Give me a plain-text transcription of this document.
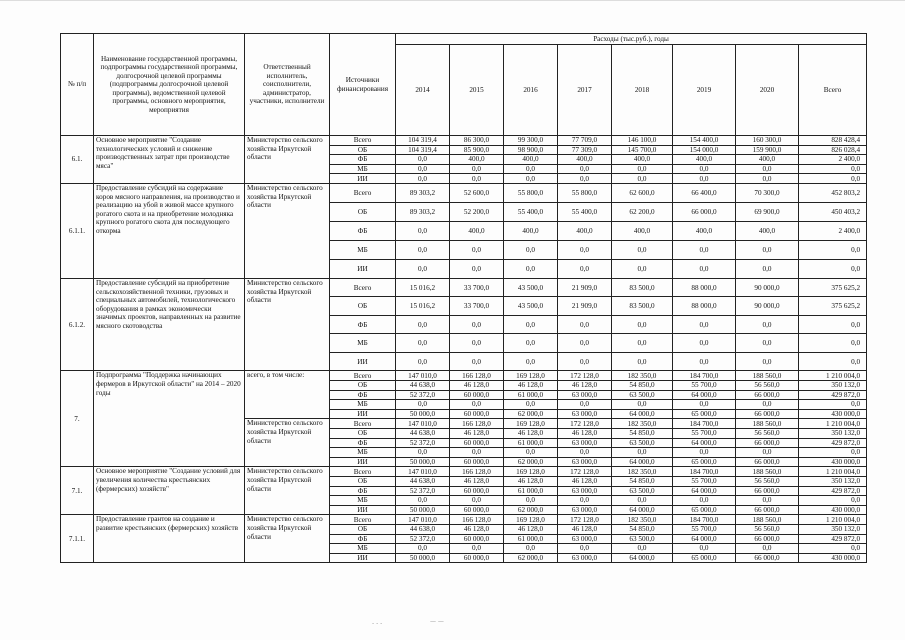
№ п/п	Наименование государственной программы, подпрограммы государственной программы, долгосрочной целевой программы (подпрограммы долгосрочной целевой программы), ведомственной целевой программы, основного мероприятия, мероприятия	Ответственный исполнитель, соисполнители, администратор, участники, исполнители	Источники финансирования	Расходы (тыс.руб.), годы							
				2014	2015	2016	2017	2018	2019	2020	Всего
6.1.	Основное мероприятие "Создание технологических условий и снижение производственных затрат при производстве мяса"	Министерство сельского хозяйства Иркутской области	Всего	104 319,4	86 300,0	99 300,0	77 709,0	146 100,0	154 400,0	160 300,0	828 428,4
			ОБ	104 319,4	85 900,0	98 900,0	77 309,0	145 700,0	154 000,0	159 900,0	826 028,4
			ФБ	0,0	400,0	400,0	400,0	400,0	400,0	400,0	2 400,0
			МБ	0,0	0,0	0,0	0,0	0,0	0,0	0,0	0,0
			ИИ	0,0	0,0	0,0	0,0	0,0	0,0	0,0	0,0
6.1.1.	Предоставление субсидий на содержание коров мясного направления, на производство и реализацию на убой в живой массе крупного рогатого скота и на приобретение молодняка крупного рогатого скота для последующего откорма	Министерство сельского хозяйства Иркутской области	Всего	89 303,2	52 600,0	55 800,0	55 800,0	62 600,0	66 400,0	70 300,0	452 803,2
			ОБ	89 303,2	52 200,0	55 400,0	55 400,0	62 200,0	66 000,0	69 900,0	450 403,2
			ФБ	0,0	400,0	400,0	400,0	400,0	400,0	400,0	2 400,0
			МБ	0,0	0,0	0,0	0,0	0,0	0,0	0,0	0,0
			ИИ	0,0	0,0	0,0	0,0	0,0	0,0	0,0	0,0
6.1.2.	Предоставление субсидий на приобретение сельскохозяйственной техники, грузовых и специальных автомобилей, технологического оборудования в рамках экономически значимых проектов, направленных на развитие мясного скотоводства	Министерство сельского хозяйства Иркутской области	Всего	15 016,2	33 700,0	43 500,0	21 909,0	83 500,0	88 000,0	90 000,0	375 625,2
			ОБ	15 016,2	33 700,0	43 500,0	21 909,0	83 500,0	88 000,0	90 000,0	375 625,2
			ФБ	0,0	0,0	0,0	0,0	0,0	0,0	0,0	0,0
			МБ	0,0	0,0	0,0	0,0	0,0	0,0	0,0	0,0
			ИИ	0,0	0,0	0,0	0,0	0,0	0,0	0,0	0,0
7.	Подпрограмма "Поддержка начинающих фермеров в Иркутской области" на 2014 – 2020 годы	всего, в том числе:	Всего	147 010,0	166 128,0	169 128,0	172 128,0	182 350,0	184 700,0	188 560,0	1 210 004,0
			ОБ	44 638,0	46 128,0	46 128,0	46 128,0	54 850,0	55 700,0	56 560,0	350 132,0
			ФБ	52 372,0	60 000,0	61 000,0	63 000,0	63 500,0	64 000,0	66 000,0	429 872,0
			МБ	0,0	0,0	0,0	0,0	0,0	0,0	0,0	0,0
			ИИ	50 000,0	60 000,0	62 000,0	63 000,0	64 000,0	65 000,0	66 000,0	430 000,0
		Министерство сельского хозяйства Иркутской области	Всего	147 010,0	166 128,0	169 128,0	172 128,0	182 350,0	184 700,0	188 560,0	1 210 004,0
			ОБ	44 638,0	46 128,0	46 128,0	46 128,0	54 850,0	55 700,0	56 560,0	350 132,0
			ФБ	52 372,0	60 000,0	61 000,0	63 000,0	63 500,0	64 000,0	66 000,0	429 872,0
			МБ	0,0	0,0	0,0	0,0	0,0	0,0	0,0	0,0
			ИИ	50 000,0	60 000,0	62 000,0	63 000,0	64 000,0	65 000,0	66 000,0	430 000,0
7.1.	Основное мероприятие "Создание условий для увеличения количества крестьянских (фермерских) хозяйств"	Министерство сельского хозяйства Иркутской области	Всего	147 010,0	166 128,0	169 128,0	172 128,0	182 350,0	184 700,0	188 560,0	1 210 004,0
			ОБ	44 638,0	46 128,0	46 128,0	46 128,0	54 850,0	55 700,0	56 560,0	350 132,0
			ФБ	52 372,0	60 000,0	61 000,0	63 000,0	63 500,0	64 000,0	66 000,0	429 872,0
			МБ	0,0	0,0	0,0	0,0	0,0	0,0	0,0	0,0
			ИИ	50 000,0	60 000,0	62 000,0	63 000,0	64 000,0	65 000,0	66 000,0	430 000,0
7.1.1.	Предоставление грантов на создание и развитие крестьянских (фермерских) хозяйств	Министерство сельского хозяйства Иркутской области	Всего	147 010,0	166 128,0	169 128,0	172 128,0	182 350,0	184 700,0	188 560,0	1 210 004,0
			ОБ	44 638,0	46 128,0	46 128,0	46 128,0	54 850,0	55 700,0	56 560,0	350 132,0
			ФБ	52 372,0	60 000,0	61 000,0	63 000,0	63 500,0	64 000,0	66 000,0	429 872,0
			МБ	0,0	0,0	0,0	0,0	0,0	0,0	0,0	0,0
			ИИ	50 000,0	60 000,0	62 000,0	63 000,0	64 000,0	65 000,0	66 000,0	430 000,0
- - -	— —
